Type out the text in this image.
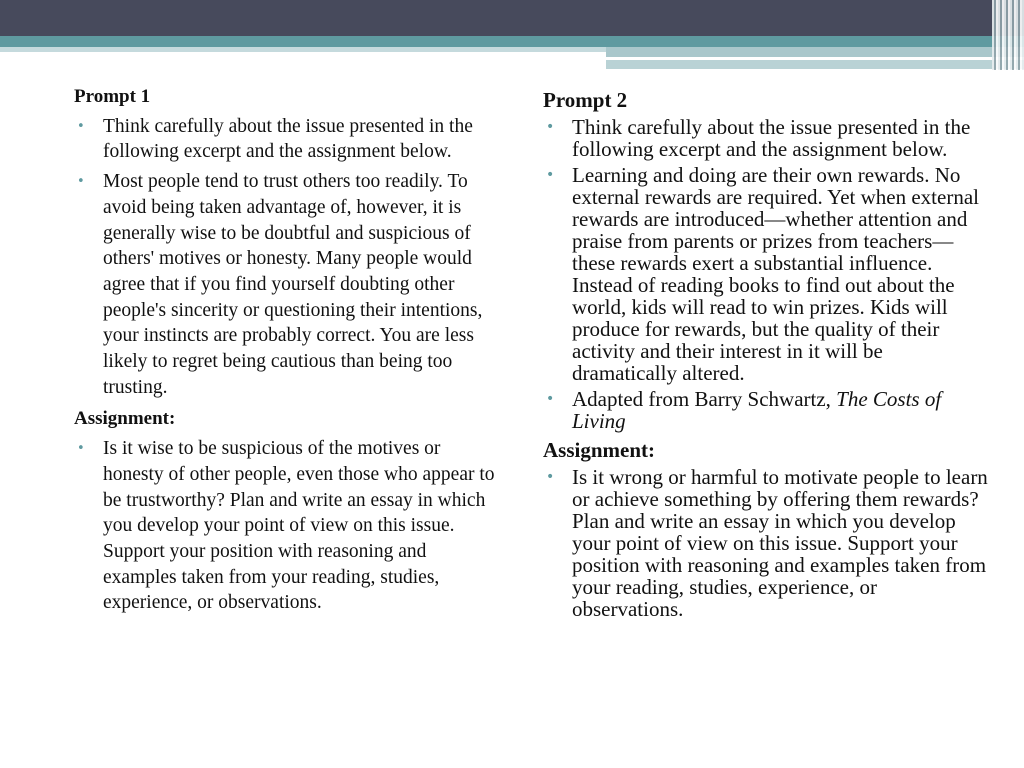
Prompt 1

• Think carefully about the issue presented in the following excerpt and the assignment below.
• Most people tend to trust others too readily. To avoid being taken advantage of, however, it is generally wise to be doubtful and suspicious of others' motives or honesty. Many people would agree that if you find yourself doubting other people's sincerity or questioning their intentions, your instincts are probably correct. You are less likely to regret being cautious than being too trusting.

Assignment:

• Is it wise to be suspicious of the motives or honesty of other people, even those who appear to be trustworthy? Plan and write an essay in which you develop your point of view on this issue. Support your position with reasoning and examples taken from your reading, studies, experience, or observations.

Prompt 2

• Think carefully about the issue presented in the following excerpt and the assignment below.
• Learning and doing are their own rewards. No external rewards are required. Yet when external rewards are introduced—whether attention and praise from parents or prizes from teachers—these rewards exert a substantial influence. Instead of reading books to find out about the world, kids will read to win prizes. Kids will produce for rewards, but the quality of their activity and their interest in it will be dramatically altered.
• Adapted from Barry Schwartz, The Costs of Living

Assignment:

• Is it wrong or harmful to motivate people to learn or achieve something by offering them rewards? Plan and write an essay in which you develop your point of view on this issue. Support your position with reasoning and examples taken from your reading, studies, experience, or observations.
